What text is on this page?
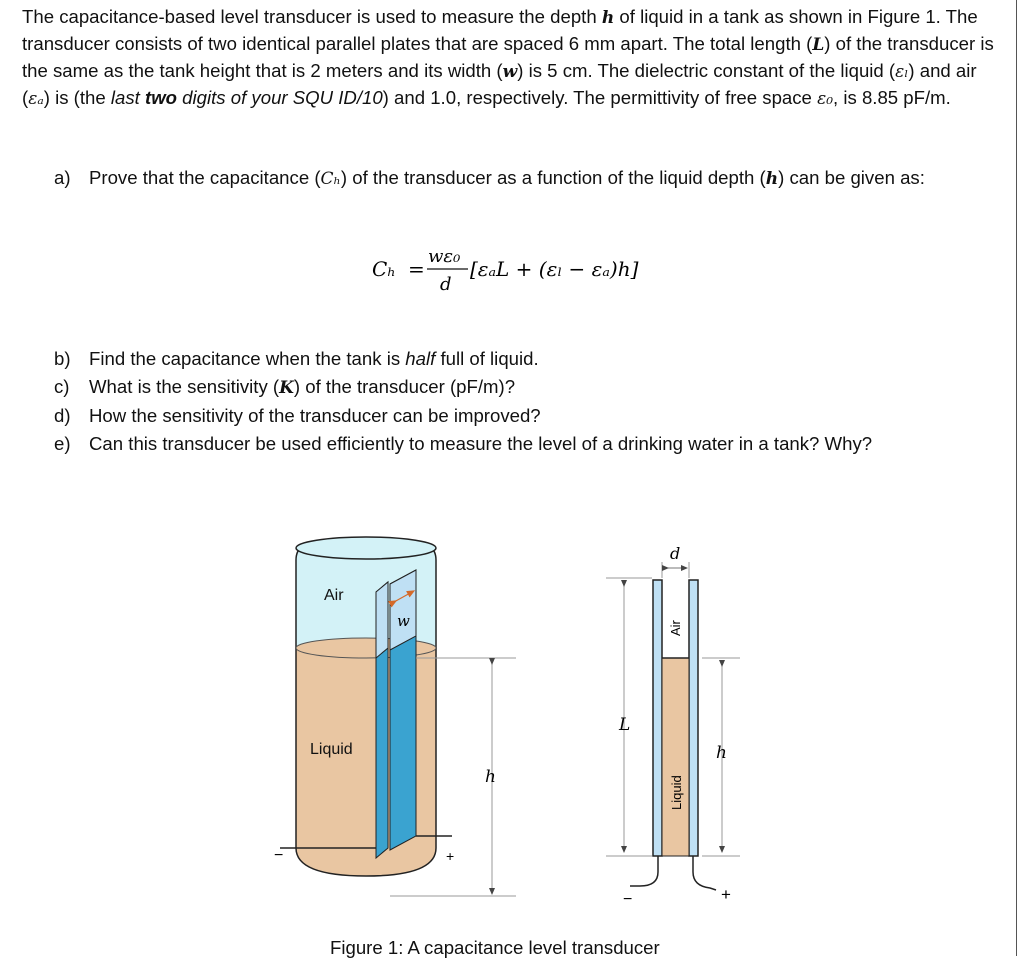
The capacitance-based level transducer is used to measure the depth h of liquid in a tank as shown in Figure 1. The transducer consists of two identical parallel plates that are spaced 6 mm apart. The total length (L) of the transducer is the same as the tank height that is 2 meters and its width (w) is 5 cm. The dielectric constant of the liquid (εₗ) and air (εₐ) is (the last two digits of your SQU ID/10) and 1.0, respectively. The permittivity of free space ε₀, is 8.85 pF/m.

a) Prove that the capacitance (Cₕ) of the transducer as a function of the liquid depth (h) can be given as:
Cₕ =
wε₀
d
[εₐL + (εₗ − εₐ)h]
b) Find the capacitance when the tank is half full of liquid.
c) What is the sensitivity (K) of the transducer (pF/m)?
d) How the sensitivity of the transducer can be improved?
e) Can this transducer be used efficiently to measure the level of a drinking water in a tank? Why?
Air
Liquid
w
−	+
h
L
d
Air
Liquid
h
−	+
Figure 1: A capacitance level transducer
